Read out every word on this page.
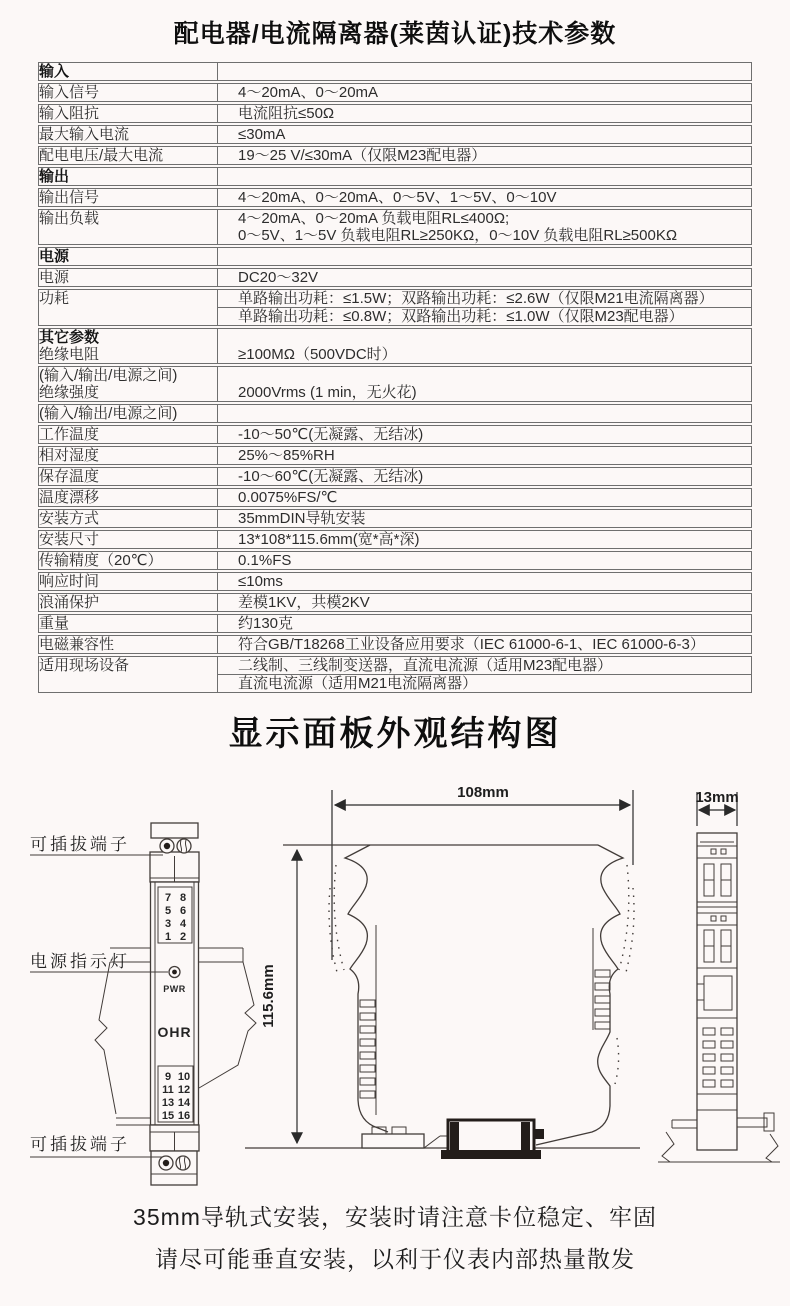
配电器/电流隔离器(莱茵认证)技术参数
输入	

输入信号	4～20mA、0～20mA

输入阻抗	电流阻抗≤50Ω

最大输入电流	≤30mA

配电电压/最大电流	19～25 V/≤30mA（仅限M23配电器）

输出	

输出信号	4～20mA、0～20mA、0～5V、1～5V、0～10V

输出负载	4～20mA、0～20mA 负载电阻RL≤400Ω;
0～5V、1～5V 负载电阻RL≥250KΩ，0～10V 负载电阻RL≥500KΩ

电源	

电源	DC20～32V

功耗	单路输出功耗：≤1.5W；双路输出功耗：≤2.6W（仅限M21电流隔离器）
单路输出功耗：≤0.8W；双路输出功耗：≤1.0W（仅限M23配电器）

其它参数
绝缘电阻	≥100MΩ（500VDC时）

(输入/输出/电源之间)
绝缘强度	2000Vrms (1 min，无火花)

(输入/输出/电源之间)	

工作温度	-10～50℃(无凝露、无结冰)

相对湿度	25%～85%RH

保存温度	-10～60℃(无凝露、无结冰)

温度漂移	0.0075%FS/℃

安装方式	35mmDIN导轨安装

安装尺寸	13*108*115.6mm(宽*高*深)

传输精度（20℃）	0.1%FS

响应时间	≤10ms

浪涌保护	差模1KV，共模2KV

重量	约130克

电磁兼容性	符合GB/T18268工业设备应用要求（IEC 61000-6-1、IEC 61000-6-3）

适用现场设备	二线制、三线制变送器，直流电流源（适用M23配电器）
直流电流源（适用M21电流隔离器）
显示面板外观结构图
7 8
5 6
3 4
1 2
PWR
OHR
9 10
11 12
13 14
15 16
可插拔端子
电源指示灯
可插拔端子
108mm
115.6mm
13mm
35mm导轨式安装，安装时请注意卡位稳定、牢固
请尽可能垂直安装，以利于仪表内部热量散发
